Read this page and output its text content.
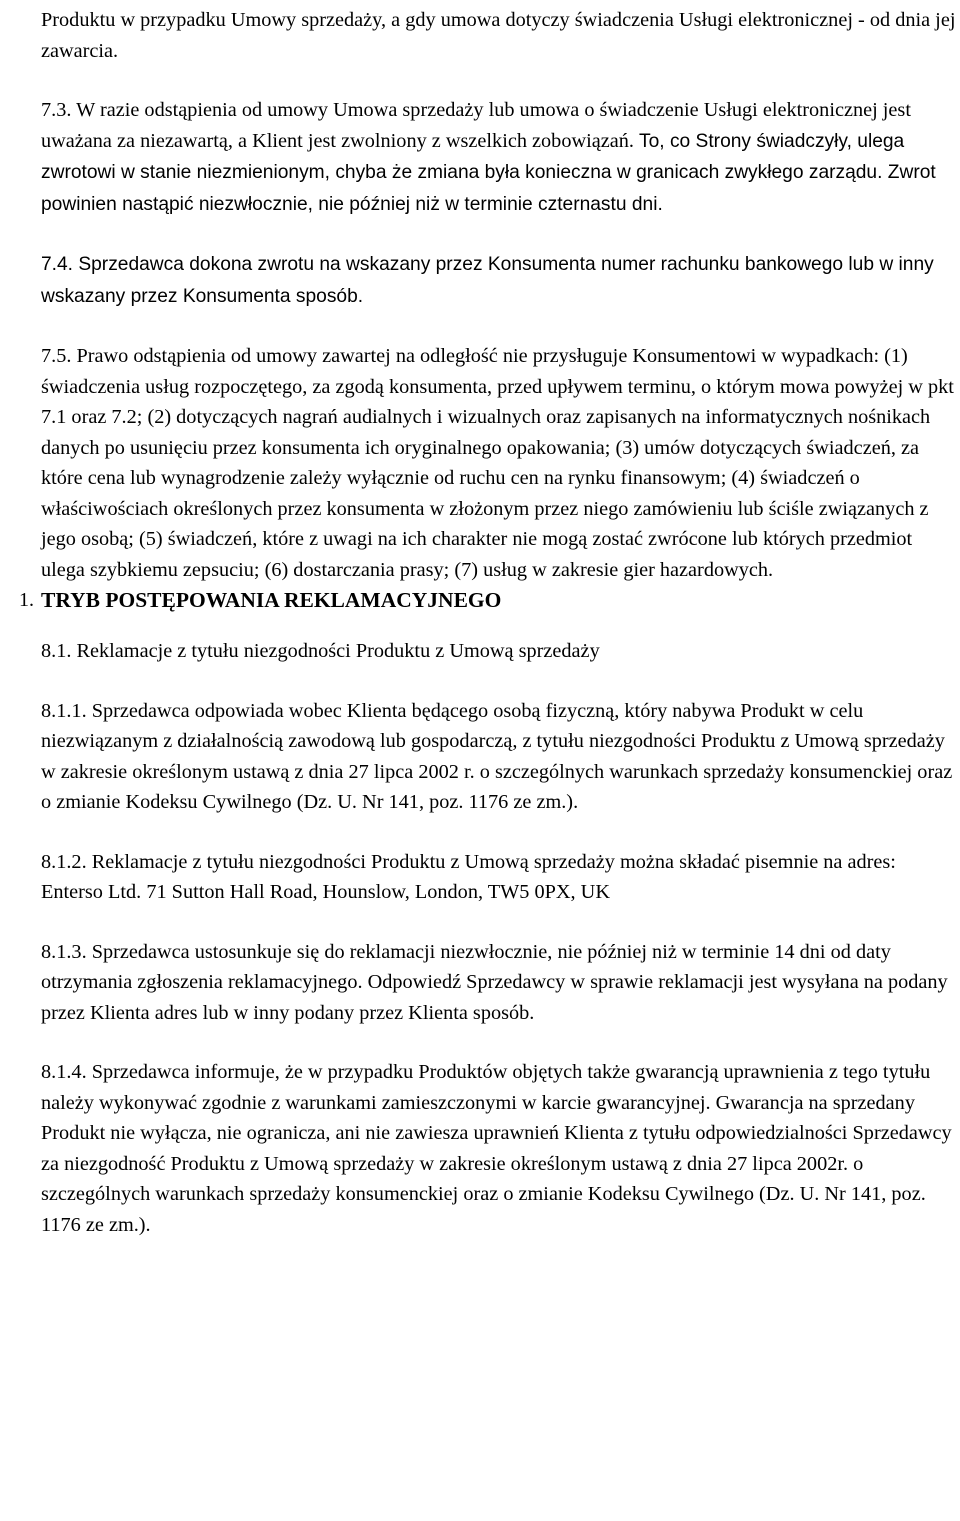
Produktu w przypadku Umowy sprzedaży, a gdy umowa dotyczy świadczenia Usługi elektronicznej - od dnia jej zawarcia.

7.3. W razie odstąpienia od umowy Umowa sprzedaży lub umowa o świadczenie Usługi elektronicznej jest uważana za niezawartą, a Klient jest zwolniony z wszelkich zobowiązań. To, co Strony świadczyły, ulega zwrotowi w stanie niezmienionym, chyba że zmiana była konieczna w granicach zwykłego zarządu. Zwrot powinien nastąpić niezwłocznie, nie później niż w terminie czternastu dni.

7.4. Sprzedawca dokona zwrotu na wskazany przez Konsumenta numer rachunku bankowego lub w inny wskazany przez Konsumenta sposób.

7.5. Prawo odstąpienia od umowy zawartej na odległość nie przysługuje Konsumentowi w wypadkach: (1) świadczenia usług rozpoczętego, za zgodą konsumenta, przed upływem terminu, o którym mowa powyżej w pkt 7.1 oraz 7.2; (2) dotyczących nagrań audialnych i wizualnych oraz zapisanych na informatycznych nośnikach danych po usunięciu przez konsumenta ich oryginalnego opakowania; (3) umów dotyczących świadczeń, za które cena lub wynagrodzenie zależy wyłącznie od ruchu cen na rynku finansowym; (4) świadczeń o właściwościach określonych przez konsumenta w złożonym przez niego zamówieniu lub ściśle związanych z jego osobą; (5) świadczeń, które z uwagi na ich charakter nie mogą zostać zwrócone lub których przedmiot ulega szybkiemu zepsuciu; (6) dostarczania prasy; (7) usług w zakresie gier hazardowych.

1. TRYB POSTĘPOWANIA REKLAMACYJNEGO

8.1. Reklamacje z tytułu niezgodności Produktu z Umową sprzedaży

8.1.1. Sprzedawca odpowiada wobec Klienta będącego osobą fizyczną, który nabywa Produkt w celu niezwiązanym z działalnością zawodową lub gospodarczą, z tytułu niezgodności Produktu z Umową sprzedaży w zakresie określonym ustawą z dnia 27 lipca 2002 r. o szczególnych warunkach sprzedaży konsumenckiej oraz o zmianie Kodeksu Cywilnego (Dz. U. Nr 141, poz. 1176 ze zm.).

8.1.2. Reklamacje z tytułu niezgodności Produktu z Umową sprzedaży można składać pisemnie na adres: Enterso Ltd. 71 Sutton Hall Road, Hounslow, London, TW5 0PX, UK

8.1.3. Sprzedawca ustosunkuje się do reklamacji niezwłocznie, nie później niż w terminie 14 dni od daty otrzymania zgłoszenia reklamacyjnego. Odpowiedź Sprzedawcy w sprawie reklamacji jest wysyłana na podany przez Klienta adres lub w inny podany przez Klienta sposób.

8.1.4. Sprzedawca informuje, że w przypadku Produktów objętych także gwarancją uprawnienia z tego tytułu należy wykonywać zgodnie z warunkami zamieszczonymi w karcie gwarancyjnej. Gwarancja na sprzedany Produkt nie wyłącza, nie ogranicza, ani nie zawiesza uprawnień Klienta z tytułu odpowiedzialności Sprzedawcy za niezgodność Produktu z Umową sprzedaży w zakresie określonym ustawą z dnia 27 lipca 2002r. o szczególnych warunkach sprzedaży konsumenckiej oraz o zmianie Kodeksu Cywilnego (Dz. U. Nr 141, poz. 1176 ze zm.).
